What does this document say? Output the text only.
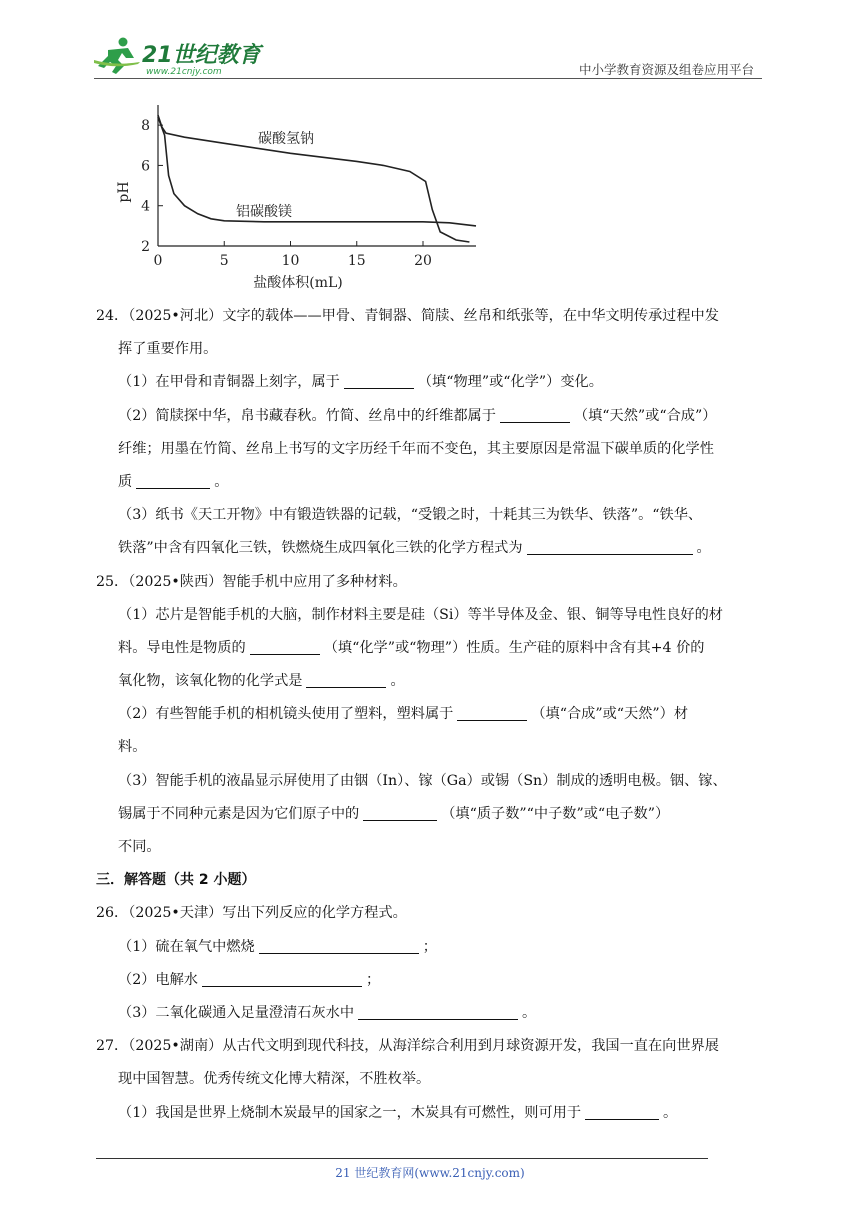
21世纪教育
www.21cnjy.com	中小学教育资源及组卷应用平台
2
4
6
8
0	5	10	15	20
碳酸氢钠
铝碳酸镁
pH
盐酸体积(mL)
24．（2025•河北）文字的载体——甲骨、青铜器、简牍、丝帛和纸张等，在中华文明传承过程中发
挥了重要作用。
（1）在甲骨和青铜器上刻字，属于	（填“物理”或“化学”）变化。
（2）简牍探中华，帛书藏春秋。竹简、丝帛中的纤维都属于	（填“天然”或“合成”）
纤维；用墨在竹简、丝帛上书写的文字历经千年而不变色，其主要原因是常温下碳单质的化学性
质	。
（3）纸书《天工开物》中有锻造铁器的记载，“受锻之时，十耗其三为铁华、铁落”。“铁华、
铁落”中含有四氧化三铁，铁燃烧生成四氧化三铁的化学方程式为	。
25．（2025•陕西）智能手机中应用了多种材料。
（1）芯片是智能手机的大脑，制作材料主要是硅（Si）等半导体及金、银、铜等导电性良好的材
料。导电性是物质的	（填“化学”或“物理”）性质。生产硅的原料中含有其+4 价的
氧化物，该氧化物的化学式是	。
（2）有些智能手机的相机镜头使用了塑料，塑料属于	（填“合成”或“天然”）材
料。
（3）智能手机的液晶显示屏使用了由铟（In）、镓（Ga）或锡（Sn）制成的透明电极。铟、镓、
锡属于不同种元素是因为它们原子中的	（填“质子数”“中子数”或“电子数”）
不同。
三．解答题（共 2 小题）
26．（2025•天津）写出下列反应的化学方程式。
（1）硫在氧气中燃烧	；
（2）电解水	；
（3）二氧化碳通入足量澄清石灰水中	。
27．（2025•湖南）从古代文明到现代科技，从海洋综合利用到月球资源开发，我国一直在向世界展
现中国智慧。优秀传统文化博大精深，不胜枚举。
（1）我国是世界上烧制木炭最早的国家之一，木炭具有可燃性，则可用于	。
21 世纪教育网(www.21cnjy.com)
